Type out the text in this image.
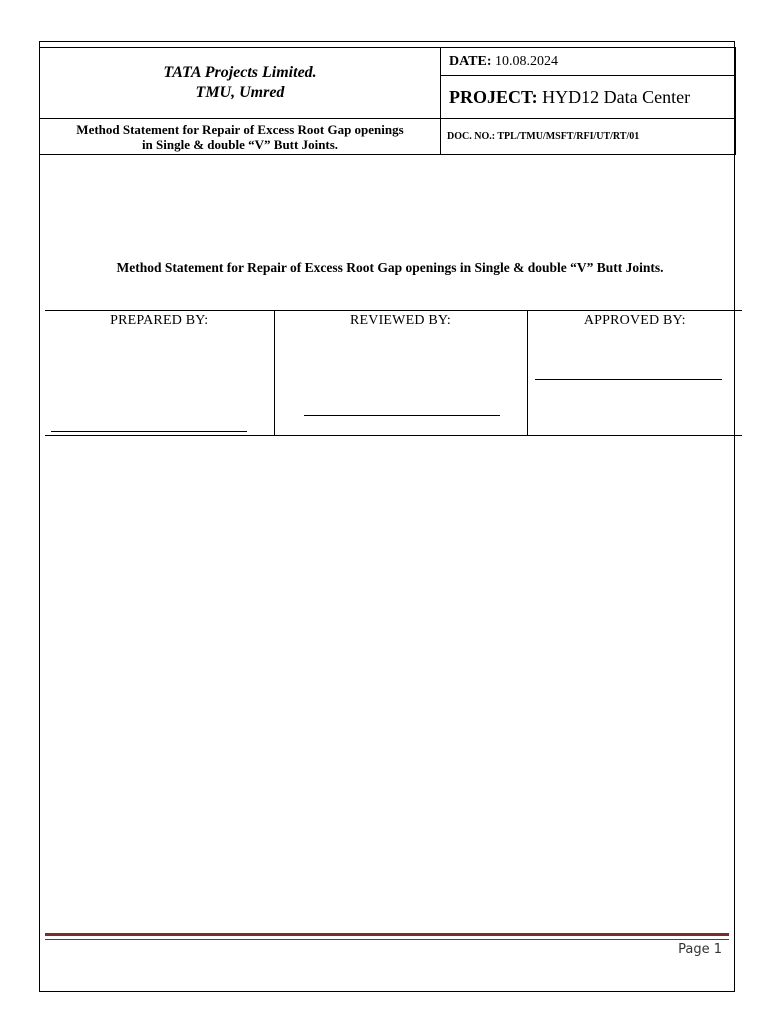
TATA Projects Limited.
TMU, Umred	DATE: 10.08.2024
	PROJECT: HYD12 Data Center

Method Statement for Repair of Excess Root Gap openings
in Single & double “V” Butt Joints.	DOC. NO.: TPL/TMU/MSFT/RFI/UT/RT/01
Method Statement for Repair of Excess Root Gap openings in Single & double “V” Butt Joints.
PREPARED BY:	REVIEWED BY:	APPROVED BY:
Page 1
